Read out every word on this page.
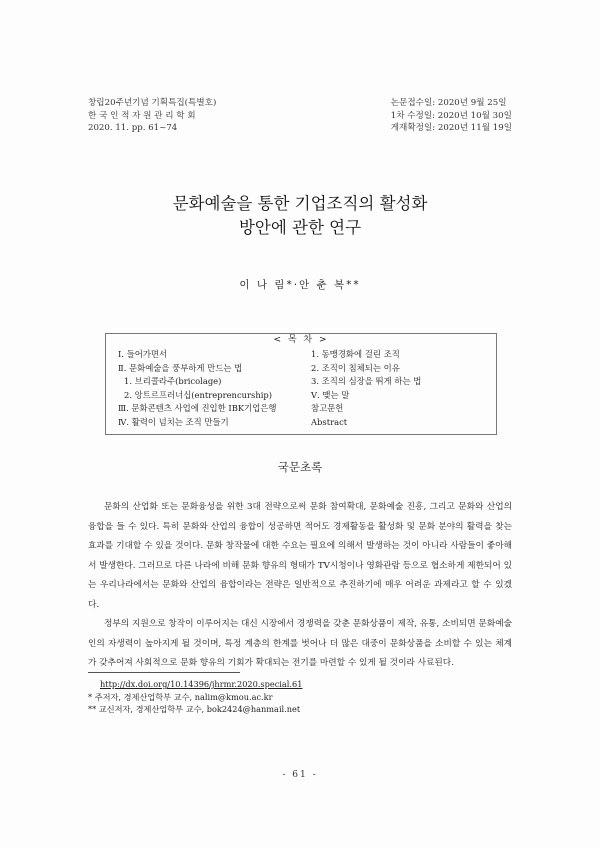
창립20주년기념 기획특집(특별호)
한 국 인 적 자 원 관 리 학 회
2020. 11. pp. 61~74
논문접수일: 2020년 9월 25일
1차 수정일: 2020년 10월 30일
게재확정일: 2020년 11월 19일
문화예술을 통한 기업조직의 활성화
방안에 관한 연구
이 나 림*·안 춘 복**
< 목 차 >
Ⅰ. 들어가면서
Ⅱ. 문화예술을 풍부하게 만드는 법
1. 브리콜라주(bricolage)
2. 앙트르프러너십(entreprencurship)
Ⅲ. 문화콘텐츠 사업에 진입한 IBK기업은행
Ⅳ. 활력이 넘치는 조직 만들기
1. 동맹경화에 걸린 조직
2. 조직이 침체되는 이유
3. 조직의 심장을 뛰게 하는 법
Ⅴ. 맺는 말
참고문헌
Abstract
국문초록

문화의 산업화 또는 문화융성을 위한 3대 전략으로써 문화 참여확대, 문화예술 진흥, 그리고 문화와 산업의 융합을 들 수 있다. 특히 문화와 산업의 융합이 성공하면 적어도 경제활동을 활성화 및 문화 분야의 활력을 찾는 효과를 기대할 수 있을 것이다. 문화 창작물에 대한 수요는 필요에 의해서 발생하는 것이 아니라 사람들이 좋아해서 발생한다. 그러므로 다른 나라에 비해 문화 향유의 형태가 TV시청이나 영화관람 등으로 협소하게 제한되어 있는 우리나라에서는 문화와 산업의 융합이라는 전략은 일반적으로 추진하기에 매우 어려운 과제라고 할 수 있겠다.

정부의 지원으로 창작이 이루어지는 대신 시장에서 경쟁력을 갖춘 문화상품이 제작, 유통, 소비되면 문화예술인의 자생력이 높아지게 될 것이며, 특정 계층의 한계를 벗어나 더 많은 대중이 문화상품을 소비할 수 있는 체계가 갖추어져 사회적으로 문화 향유의 기회가 확대되는 전기를 마련할 수 있게 될 것이라 사료된다.

http://dx.doi.org/10.14396/jhrmr.2020.special.61
* 주저자, 경제산업학부 교수, nalim@kmou.ac.kr
** 교신저자, 경제산업학부 교수, bok2424@hanmail.net
- 61 -
